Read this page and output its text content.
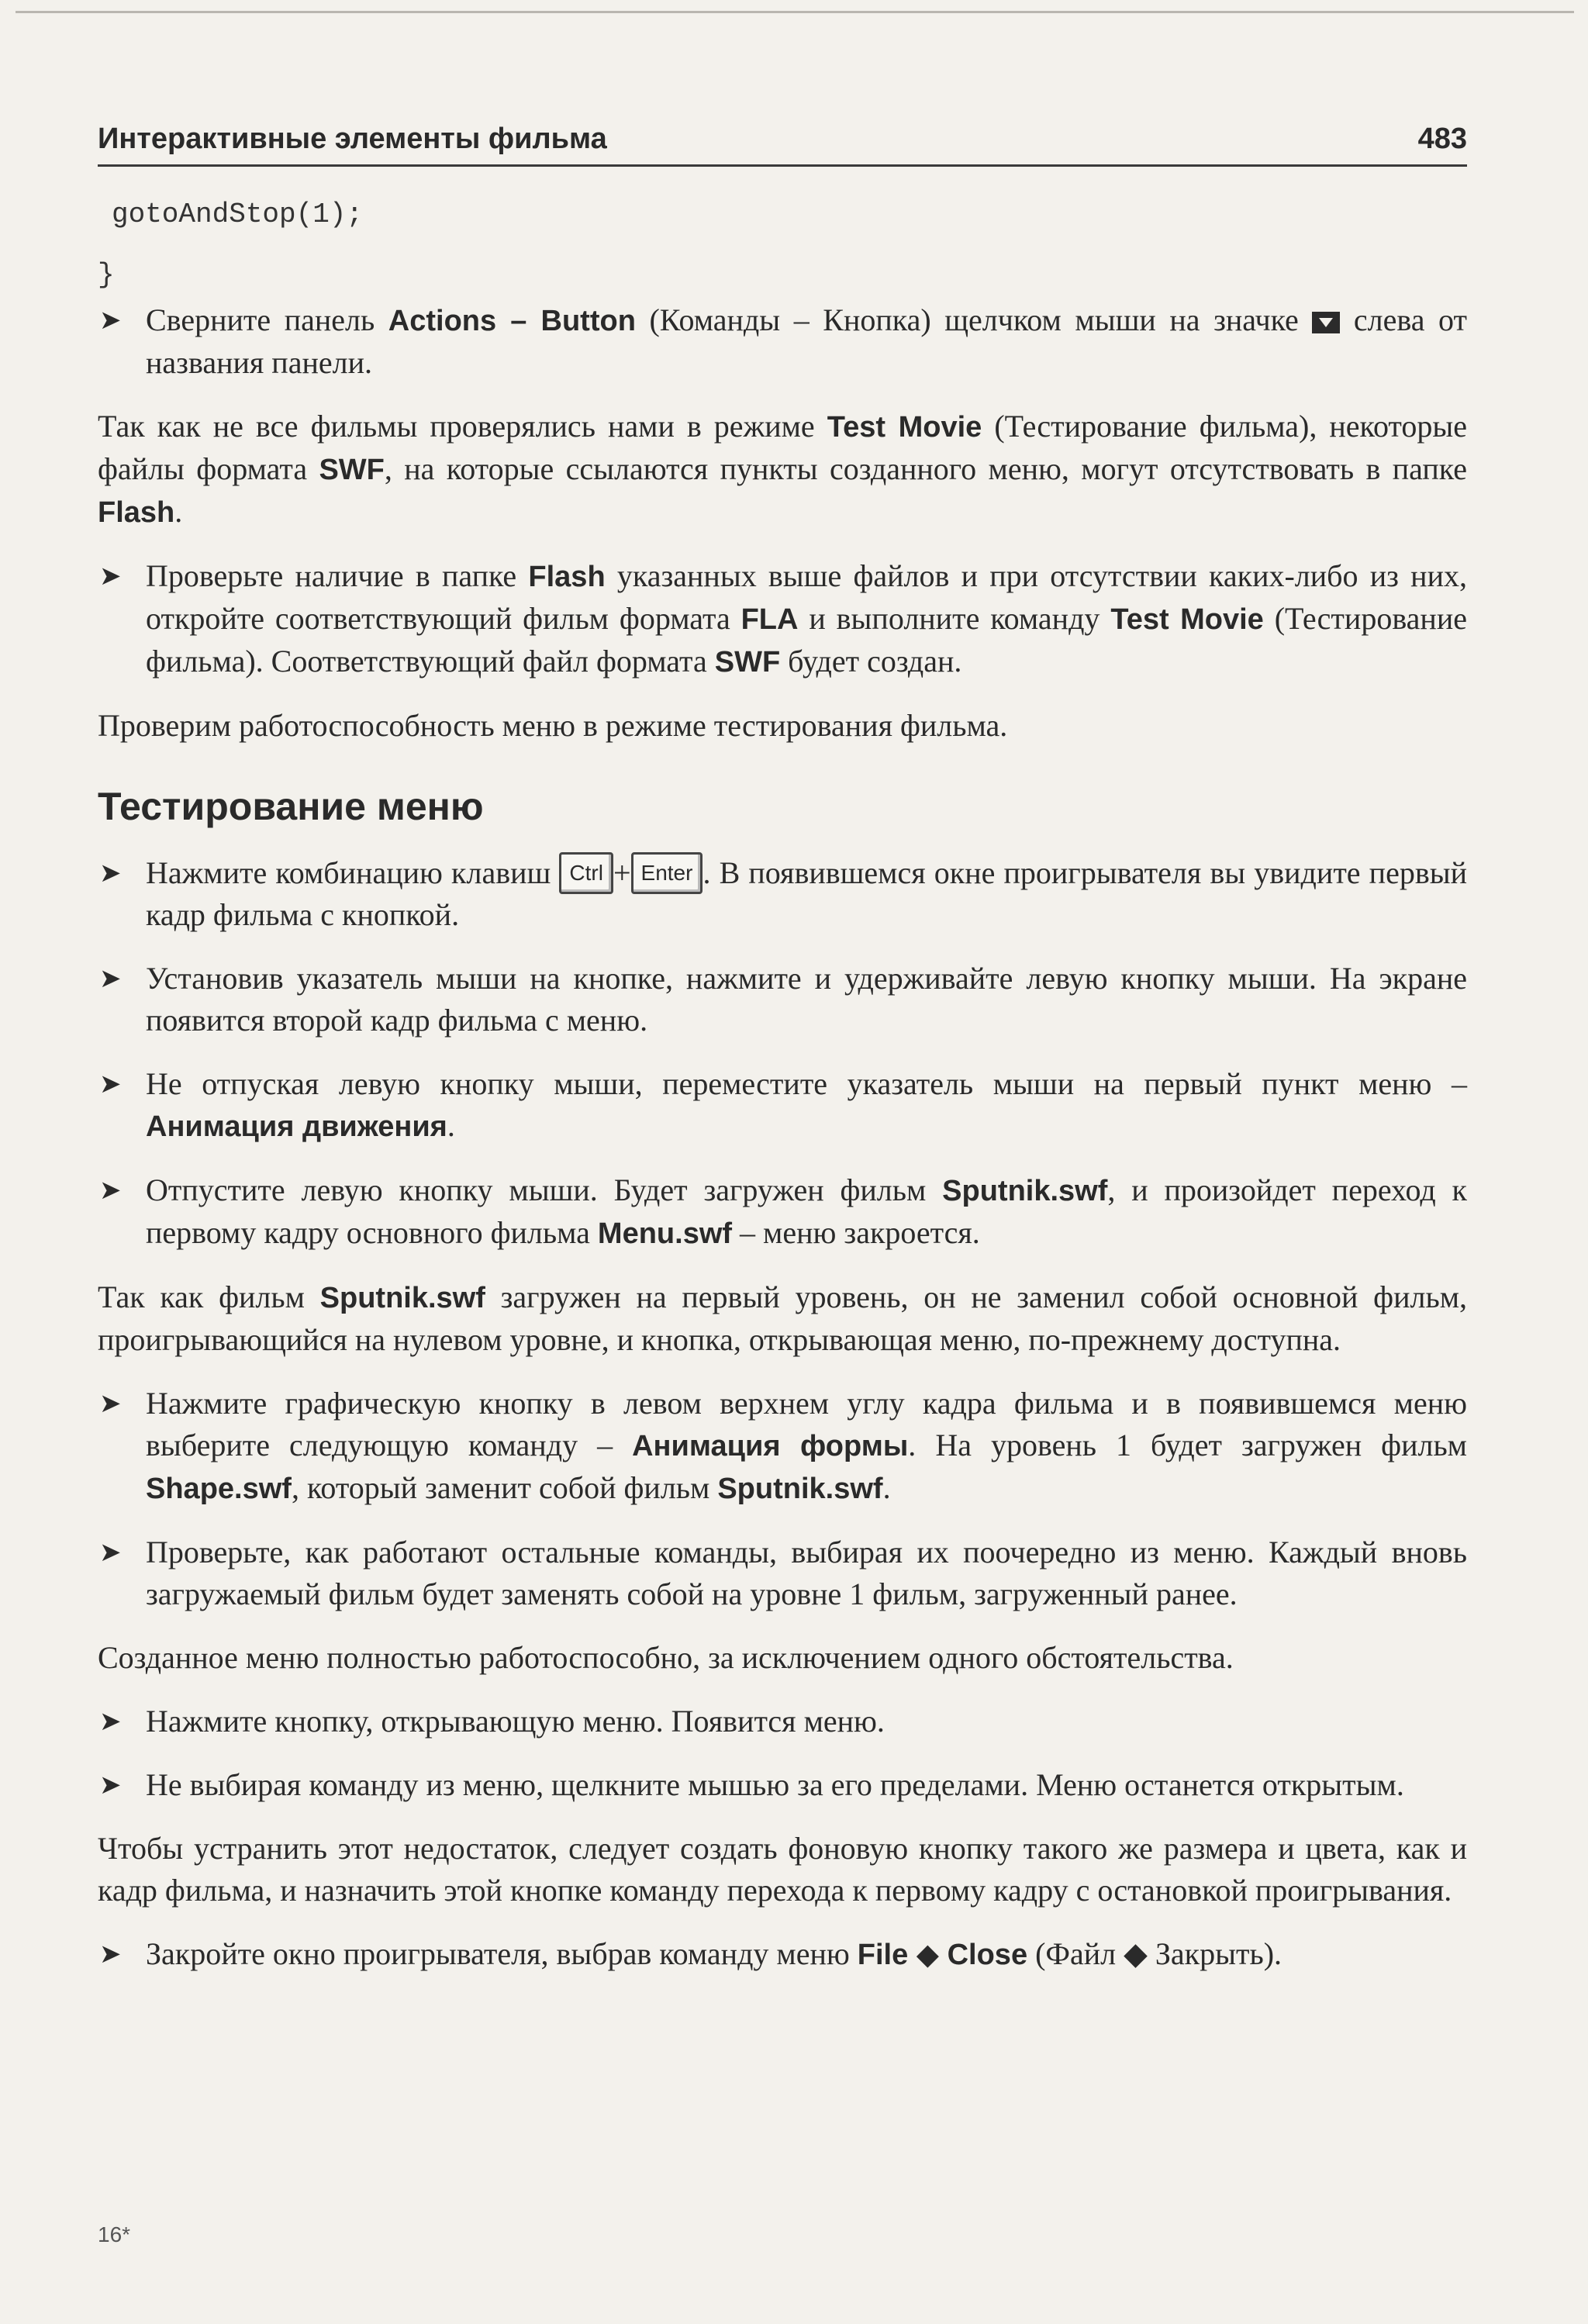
Интерактивные элементы фильма	483
gotoAndStop(1);
}
➤ Сверните панель Actions – Button (Команды – Кнопка) щелчком мыши на значке  слева от названия панели.

Так как не все фильмы проверялись нами в режиме Test Movie (Тестирование фильма), некоторые файлы формата SWF, на которые ссылаются пункты созданного меню, могут отсутствовать в папке Flash.

➤ Проверьте наличие в папке Flash указанных выше файлов и при отсутствии каких-либо из них, откройте соответствующий фильм формата FLA и выполните команду Test Movie (Тестирование фильма). Соответствующий файл формата SWF будет создан.

Проверим работоспособность меню в режиме тестирования фильма.

Тестирование меню
➤ Нажмите комбинацию клавиш Ctrl + Enter . В появившемся окне проигрывателя вы увидите первый кадр фильма с кнопкой.
➤ Установив указатель мыши на кнопке, нажмите и удерживайте левую кнопку мыши. На экране появится второй кадр фильма с меню.
➤ Не отпуская левую кнопку мыши, переместите указатель мыши на первый пункт меню – Анимация движения.
➤ Отпустите левую кнопку мыши. Будет загружен фильм Sputnik.swf, и произойдет переход к первому кадру основного фильма Menu.swf – меню закроется.

Так как фильм Sputnik.swf загружен на первый уровень, он не заменил собой основной фильм, проигрывающийся на нулевом уровне, и кнопка, открывающая меню, по-прежнему доступна.

➤ Нажмите графическую кнопку в левом верхнем углу кадра фильма и в появившемся меню выберите следующую команду – Анимация формы. На уровень 1 будет загружен фильм Shape.swf, который заменит собой фильм Sputnik.swf.
➤ Проверьте, как работают остальные команды, выбирая их поочередно из меню. Каждый вновь загружаемый фильм будет заменять собой на уровне 1 фильм, загруженный ранее.

Созданное меню полностью работоспособно, за исключением одного обстоятельства.

➤ Нажмите кнопку, открывающую меню. Появится меню.
➤ Не выбирая команду из меню, щелкните мышью за его пределами. Меню останется открытым.

Чтобы устранить этот недостаток, следует создать фоновую кнопку такого же размера и цвета, как и кадр фильма, и назначить этой кнопке команду перехода к первому кадру с остановкой проигрывания.

➤ Закройте окно проигрывателя, выбрав команду меню File ◆ Close (Файл ◆ Закрыть).
16*
